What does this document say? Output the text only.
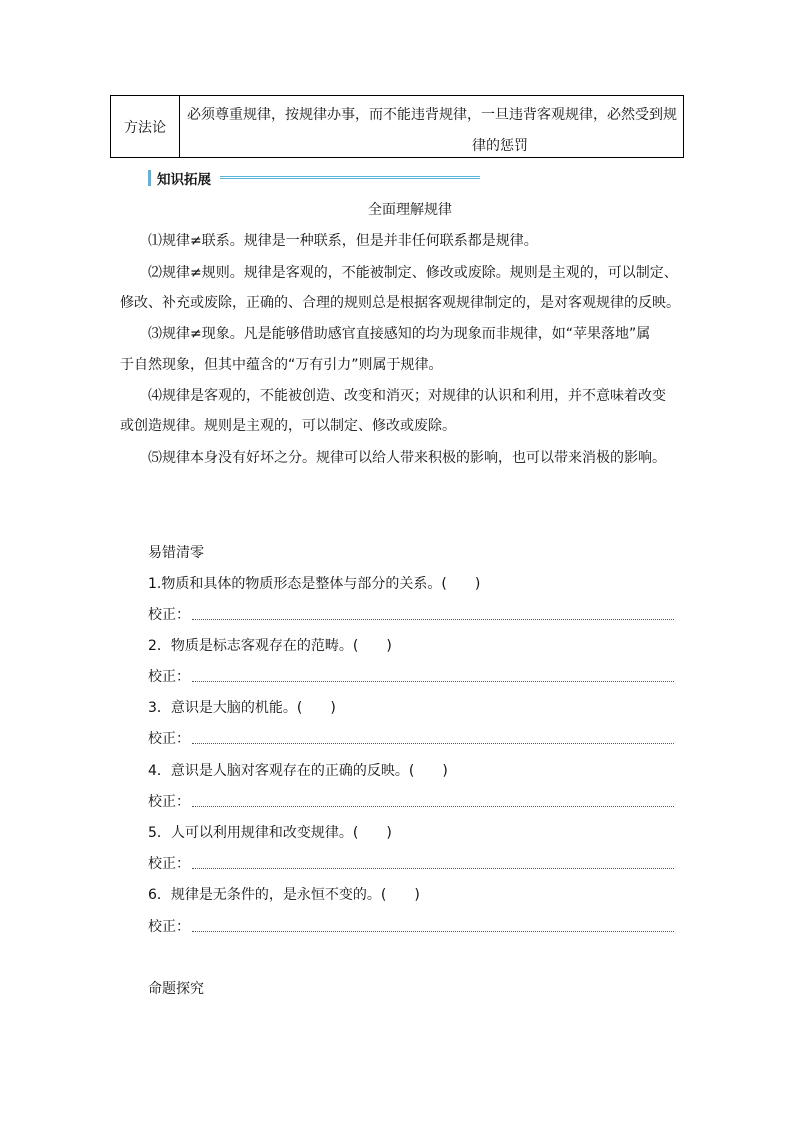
方法论
必须尊重规律，按规律办事，而不能违背规律，一旦违背客观规律，必然受到规
律的惩罚
知识拓展
全面理解规律
⑴规律≠联系。规律是一种联系，但是并非任何联系都是规律。
⑵规律≠规则。规律是客观的，不能被制定、修改或废除。规则是主观的，可以制定、
修改、补充或废除，正确的、合理的规则总是根据客观规律制定的，是对客观规律的反映。
⑶规律≠现象。凡是能够借助感官直接感知的均为现象而非规律，如“苹果落地”属
于自然现象，但其中蕴含的“万有引力”则属于规律。
⑷规律是客观的，不能被创造、改变和消灭；对规律的认识和利用，并不意味着改变
或创造规律。规则是主观的，可以制定、修改或废除。
⑸规律本身没有好坏之分。规律可以给人带来积极的影响，也可以带来消极的影响。
易错清零
1.物质和具体的物质形态是整体与部分的关系。(　　)
校正：
2．物质是标志客观存在的范畴。(　　)
校正：
3．意识是大脑的机能。(　　)
校正：
4．意识是人脑对客观存在的正确的反映。(　　)
校正：
5．人可以利用规律和改变规律。(　　)
校正：
6．规律是无条件的，是永恒不变的。(　　)
校正：
命题探究
